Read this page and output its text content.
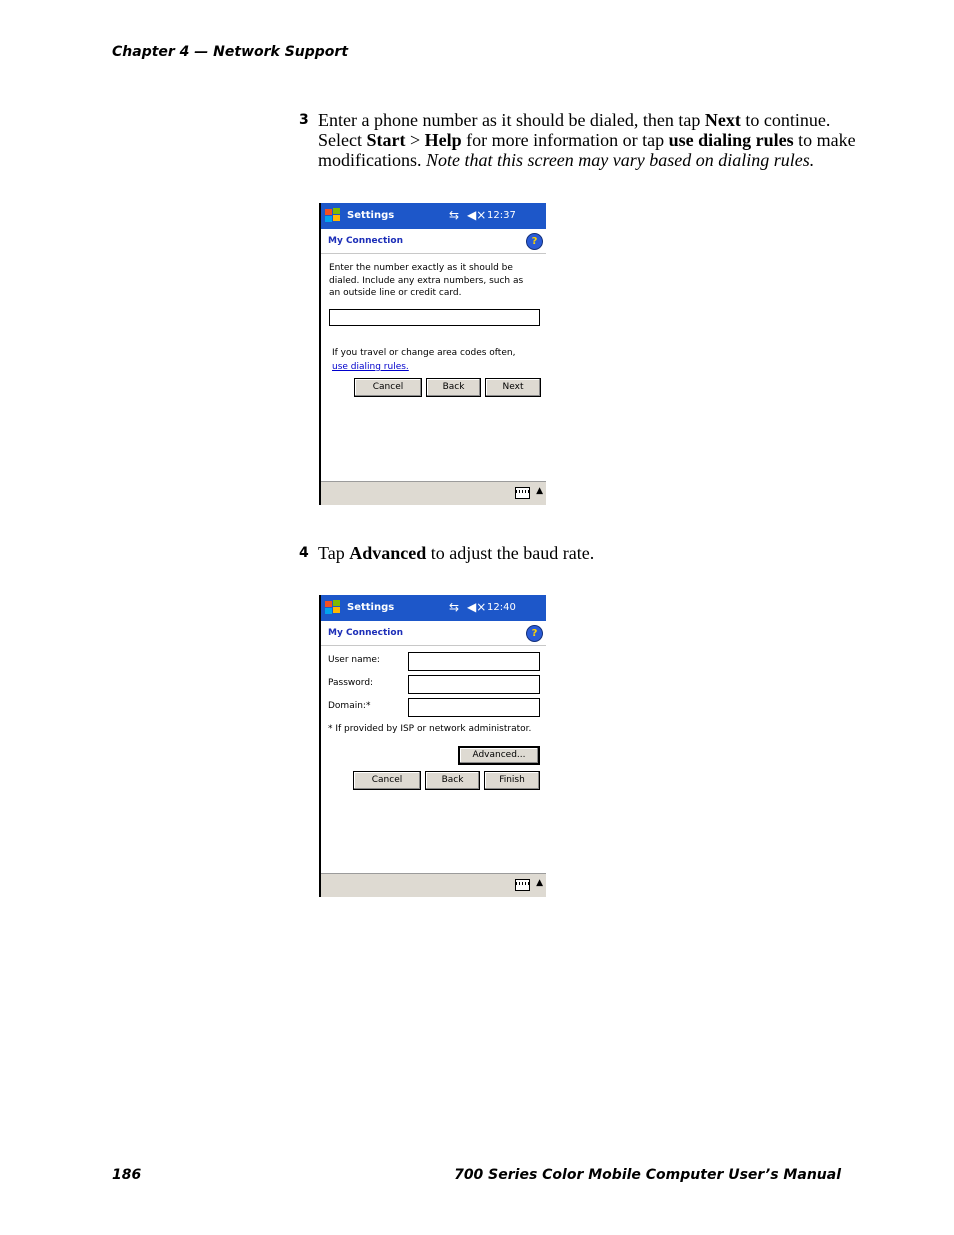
Chapter 4 — Network Support
3 Enter a phone number as it should be dialed, then tap Next to continue. Select Start > Help for more information or tap use dialing rules to make modifications. Note that this screen may vary based on dialing rules.
Settings	⇆ ◀× 12:37
My Connection	?
Enter the number exactly as it should be dialed. Include any extra numbers, such as an outside line or credit card.
If you travel or change area codes often,
use dialing rules.
Cancel	Back	Next
▲
4 Tap Advanced to adjust the baud rate.
Settings	⇆ ◀× 12:40
My Connection	?
User name:
Password:
Domain:*
* If provided by ISP or network administrator.
Advanced...
Cancel	Back	Finish
▲
186	700 Series Color Mobile Computer User’s Manual
